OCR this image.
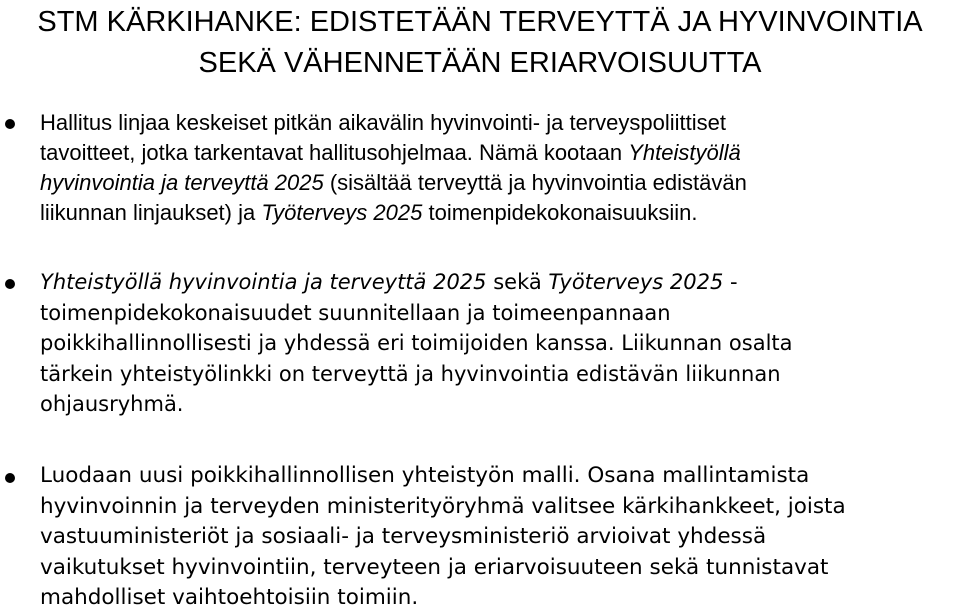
STM KÄRKIHANKE: EDISTETÄÄN TERVEYTTÄ JA HYVINVOINTIA
SEKÄ VÄHENNETÄÄN ERIARVOISUUTTA
Hallitus linjaa keskeiset pitkän aikavälin hyvinvointi- ja terveyspoliittiset
tavoitteet, jotka tarkentavat hallitusohjelmaa. Nämä kootaan Yhteistyöllä
hyvinvointia ja terveyttä 2025 (sisältää terveyttä ja hyvinvointia edistävän
liikunnan linjaukset) ja Työterveys 2025 toimenpidekokonaisuuksiin.
Yhteistyöllä hyvinvointia ja terveyttä 2025 sekä Työterveys 2025 -
toimenpidekokonaisuudet suunnitellaan ja toimeenpannaan
poikkihallinnollisesti ja yhdessä eri toimijoiden kanssa. Liikunnan osalta
tärkein yhteistyölinkki on terveyttä ja hyvinvointia edistävän liikunnan
ohjausryhmä.
Luodaan uusi poikkihallinnollisen yhteistyön malli. Osana mallintamista
hyvinvoinnin ja terveyden ministerityöryhmä valitsee kärkihankkeet, joista
vastuuministeriöt ja sosiaali- ja terveysministeriö arvioivat yhdessä
vaikutukset hyvinvointiin, terveyteen ja eriarvoisuuteen sekä tunnistavat
mahdolliset vaihtoehtoisiin toimiin.
